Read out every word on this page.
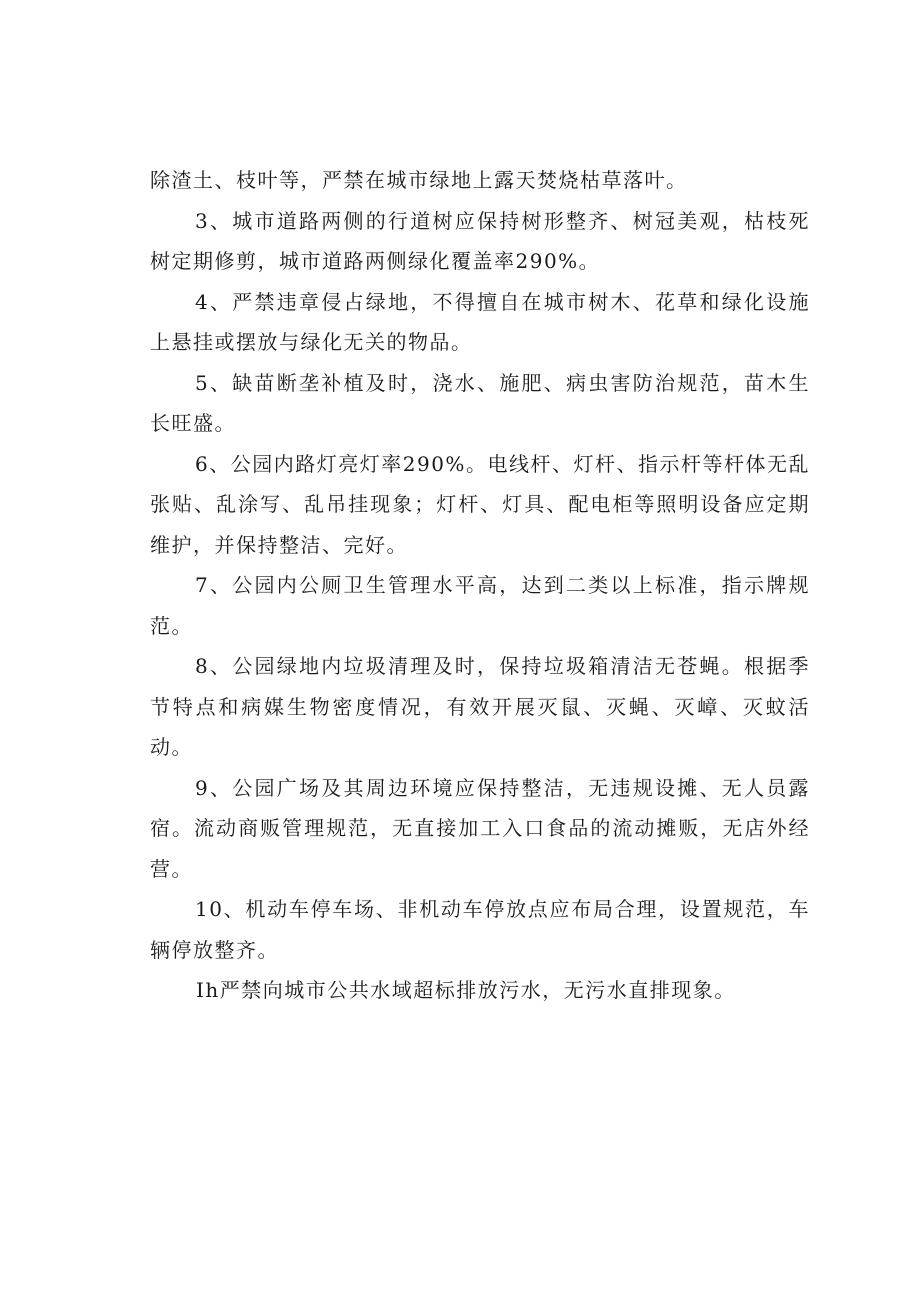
除渣土、枝叶等，严禁在城市绿地上露天焚烧枯草落叶。

3、城市道路两侧的行道树应保持树形整齐、树冠美观，枯枝死树定期修剪，城市道路两侧绿化覆盖率290%。

4、严禁违章侵占绿地，不得擅自在城市树木、花草和绿化设施上悬挂或摆放与绿化无关的物品。

5、缺苗断垄补植及时，浇水、施肥、病虫害防治规范，苗木生长旺盛。

6、公园内路灯亮灯率290%。电线杆、灯杆、指示杆等杆体无乱张贴、乱涂写、乱吊挂现象；灯杆、灯具、配电柜等照明设备应定期维护，并保持整洁、完好。

7、公园内公厕卫生管理水平高，达到二类以上标准，指示牌规范。

8、公园绿地内垃圾清理及时，保持垃圾箱清洁无苍蝇。根据季节特点和病媒生物密度情况，有效开展灭鼠、灭蝇、灭嶂、灭蚊活动。

9、公园广场及其周边环境应保持整洁，无违规设摊、无人员露宿。流动商贩管理规范，无直接加工入口食品的流动摊贩，无店外经营。

10、机动车停车场、非机动车停放点应布局合理，设置规范，车辆停放整齐。

Ih严禁向城市公共水域超标排放污水，无污水直排现象。
